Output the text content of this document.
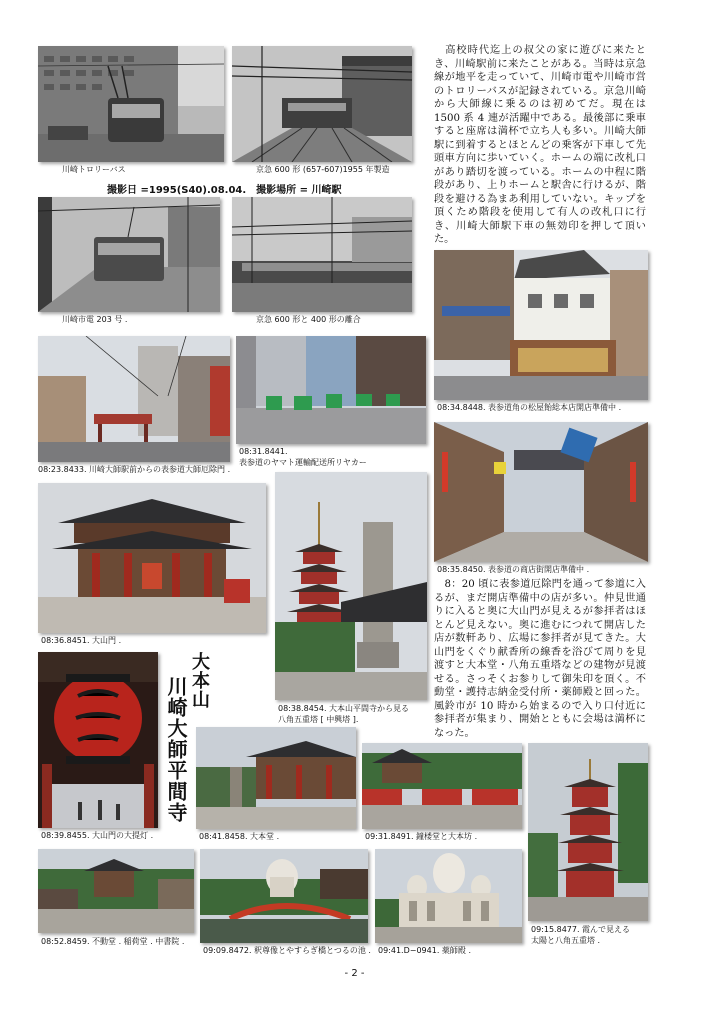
川崎トロリーバス	京急 600 形 (657-607)1955 年製造
撮影日 =1995(S40).08.04.　撮影場所 = 川崎駅
川崎市電 203 号 .	京急 600 形と 400 形の離合
08:23.8433. 川崎大師駅前からの表参道大師厄除門 .
08:31.8441.
表参道のヤマト運輸配送所リヤカー
08:34.8448. 表参道角の松屋飴総本店開店準備中 .
08:35.8450. 表参道の商店街開店準備中 .
08:36.8451. 大山門 .
08:38.8454. 大本山平間寺から見る
八角五重塔 [ 中興塔 ].
08:39.8455. 大山門の大提灯 .
大本山
川崎大師平間寺
08:41.8458. 大本堂 .	09:31.8491. 鐘楼堂と大本坊 .
09:15.8477. 霞んで見える
太陽と八角五重塔 .
08:52.8459. 不動堂 . 稲荷堂 . 中書院 .
09:09.8472. 釈尊像とやすらぎ橋とつるの池 . 09:41.D−0941. 薬師殿 .

　高校時代迄上の叔父の家に遊びに来たとき、川崎駅前に来たことがある。当時は京急線が地平を走っていて、川崎市電や川崎市営のトロリーバスが記録されている。京急川崎から大師線に乗るのは初めてだ。現在は 1500 系 4 連が活躍中である。最後部に乗車すると座席は満杯で立ち人も多い。川崎大師駅に到着するとほとんどの乗客が下車して先頭車方向に歩いていく。ホームの端に改札口があり踏切を渡っている。ホームの中程に階段があり、上りホームと駅舎に行けるが、階段を避ける為まあ利用していない。キップを頂くため階段を使用して有人の改札口に行き、川崎大師駅下車の無効印を押して頂いた。

　8：20 頃に表参道厄除門を通って参道に入るが、まだ開店準備中の店が多い。仲見世通りに入ると奥に大山門が見えるが参拝者はほとんど見えない。奥に進むにつれて開店した店が数軒あり、広場に参拝者が見てきた。大山門をくぐり献香所の線香を浴びて周りを見渡すと大本堂・八角五重塔などの建物が見渡せる。さっそくお参りして御朱印を頂く。不動堂・護持志納金受付所・薬師殿と回った。風鈴市が 10 時から始まるので入り口付近に参拝者が集まり、開始とともに会場は満杯になった。

- 2 -
